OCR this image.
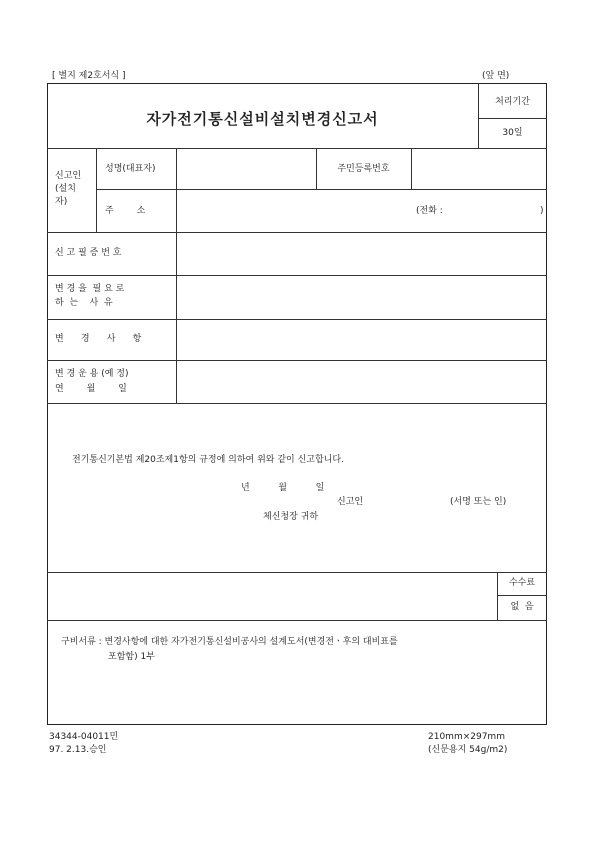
[ 별지 제2호서식 ]	(앞 면)
자가전기통신설비설치변경신고서
처리기간
30일
신고인
(설치
자)
성명(대표자)	주민등록번호
주        소	(전화 :	)
신 고 필 증 번 호
변 경 을  필 요 로
하  는    사  유
변      경      사      항
변 경 운 용 (예 정)
연        월        일
전기통신기본법 제20조제1항의 규정에 의하여 위와 같이 신고합니다.
년          월          일
신고인	(서명 또는 인)
체신청장 귀하
수수료
없  음
구비서류 : 변경사항에 대한 자가전기통신설비공사의 설계도서(변경전ㆍ후의 대비표를
포함함) 1부
34344-04011민
97. 2.13.승인
210mm×297mm
(신문용지 54g/m2)
